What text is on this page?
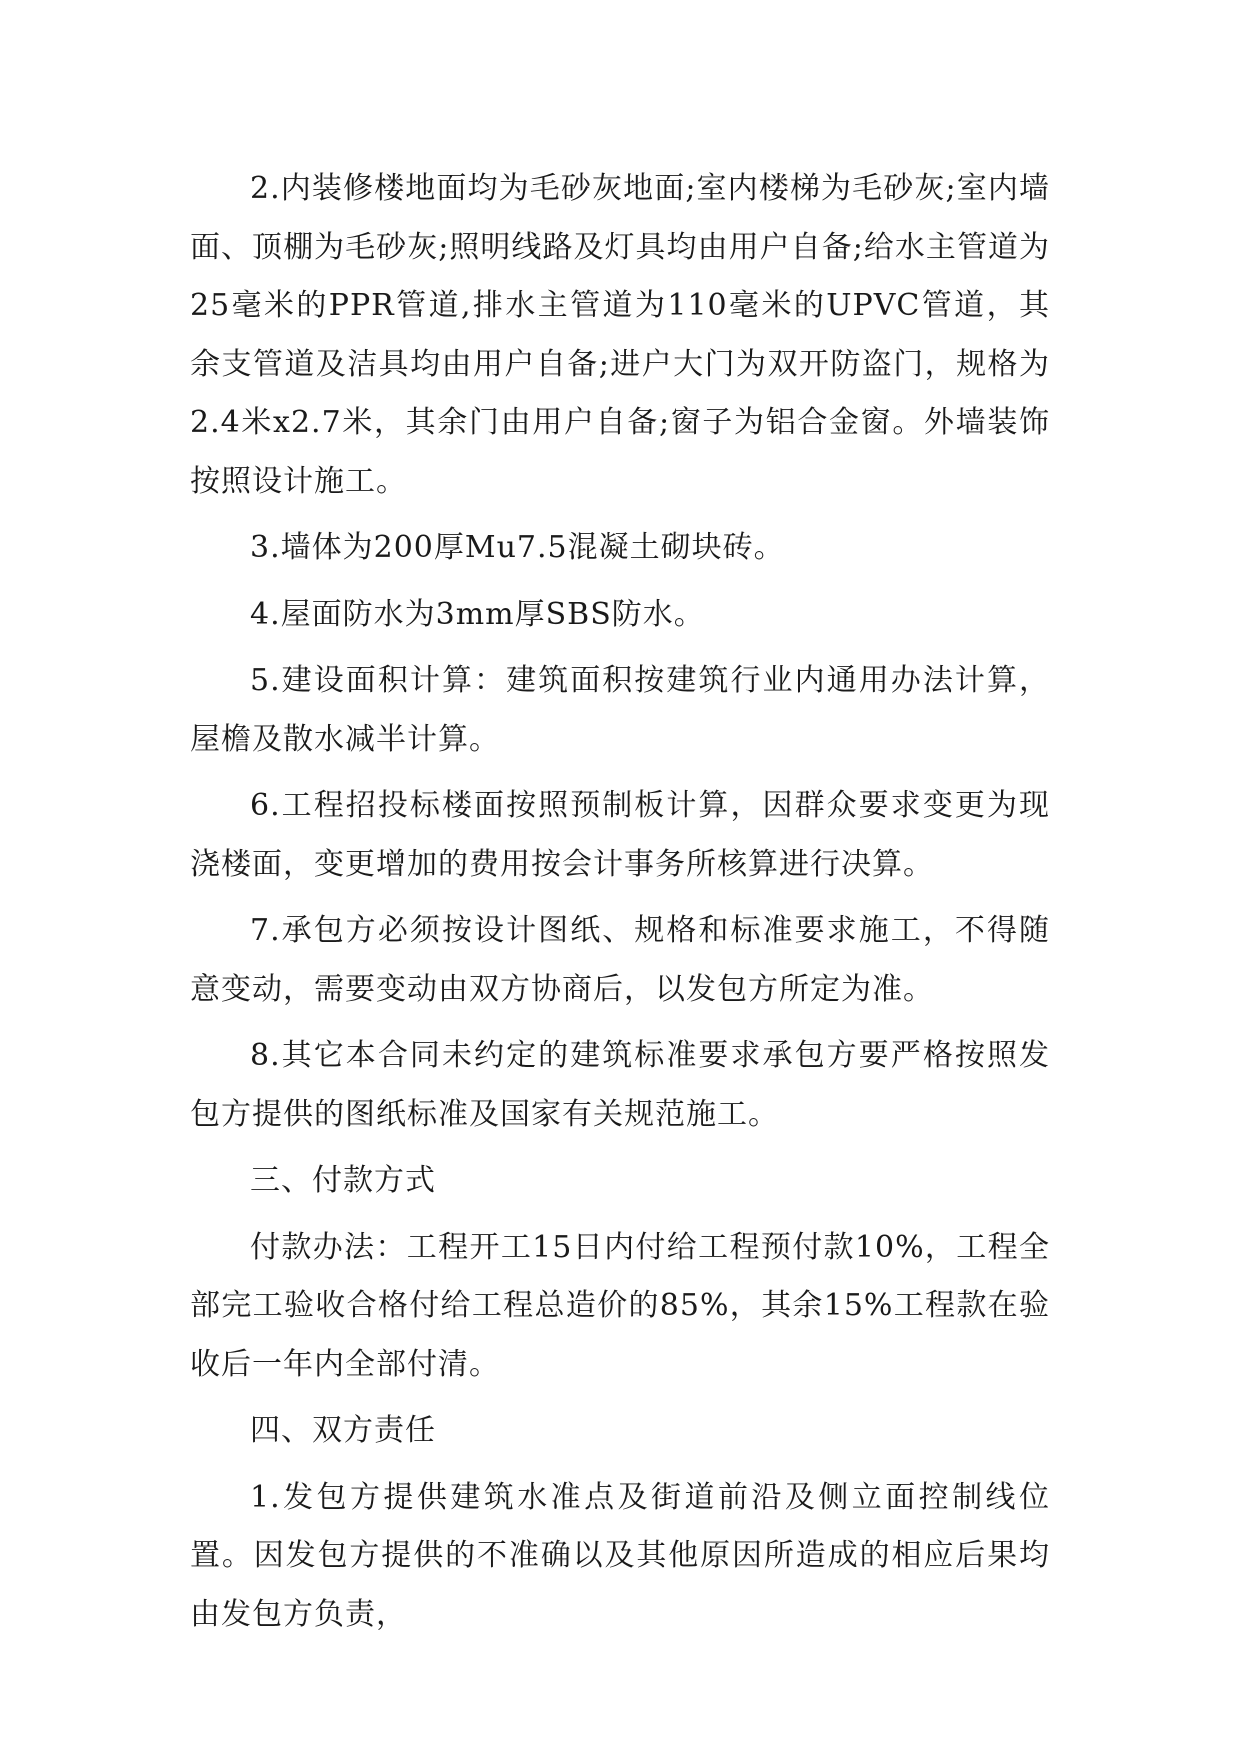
2.内装修楼地面均为毛砂灰地面;室内楼梯为毛砂灰;室内墙面、顶棚为毛砂灰;照明线路及灯具均由用户自备;给水主管道为25毫米的PPR管道,排水主管道为110毫米的UPVC管道，其余支管道及洁具均由用户自备;进户大门为双开防盗门，规格为2.4米x2.7米，其余门由用户自备;窗子为铝合金窗。外墙装饰按照设计施工。

3.墙体为200厚Mu7.5混凝土砌块砖。

4.屋面防水为3mm厚SBS防水。

5.建设面积计算：建筑面积按建筑行业内通用办法计算，屋檐及散水减半计算。

6.工程招投标楼面按照预制板计算，因群众要求变更为现浇楼面，变更增加的费用按会计事务所核算进行决算。

7.承包方必须按设计图纸、规格和标准要求施工，不得随意变动，需要变动由双方协商后，以发包方所定为准。

8.其它本合同未约定的建筑标准要求承包方要严格按照发包方提供的图纸标准及国家有关规范施工。

三、付款方式

付款办法：工程开工15日内付给工程预付款10%，工程全部完工验收合格付给工程总造价的85%，其余15%工程款在验收后一年内全部付清。

四、双方责任

1.发包方提供建筑水准点及街道前沿及侧立面控制线位置。因发包方提供的不准确以及其他原因所造成的相应后果均由发包方负责，
